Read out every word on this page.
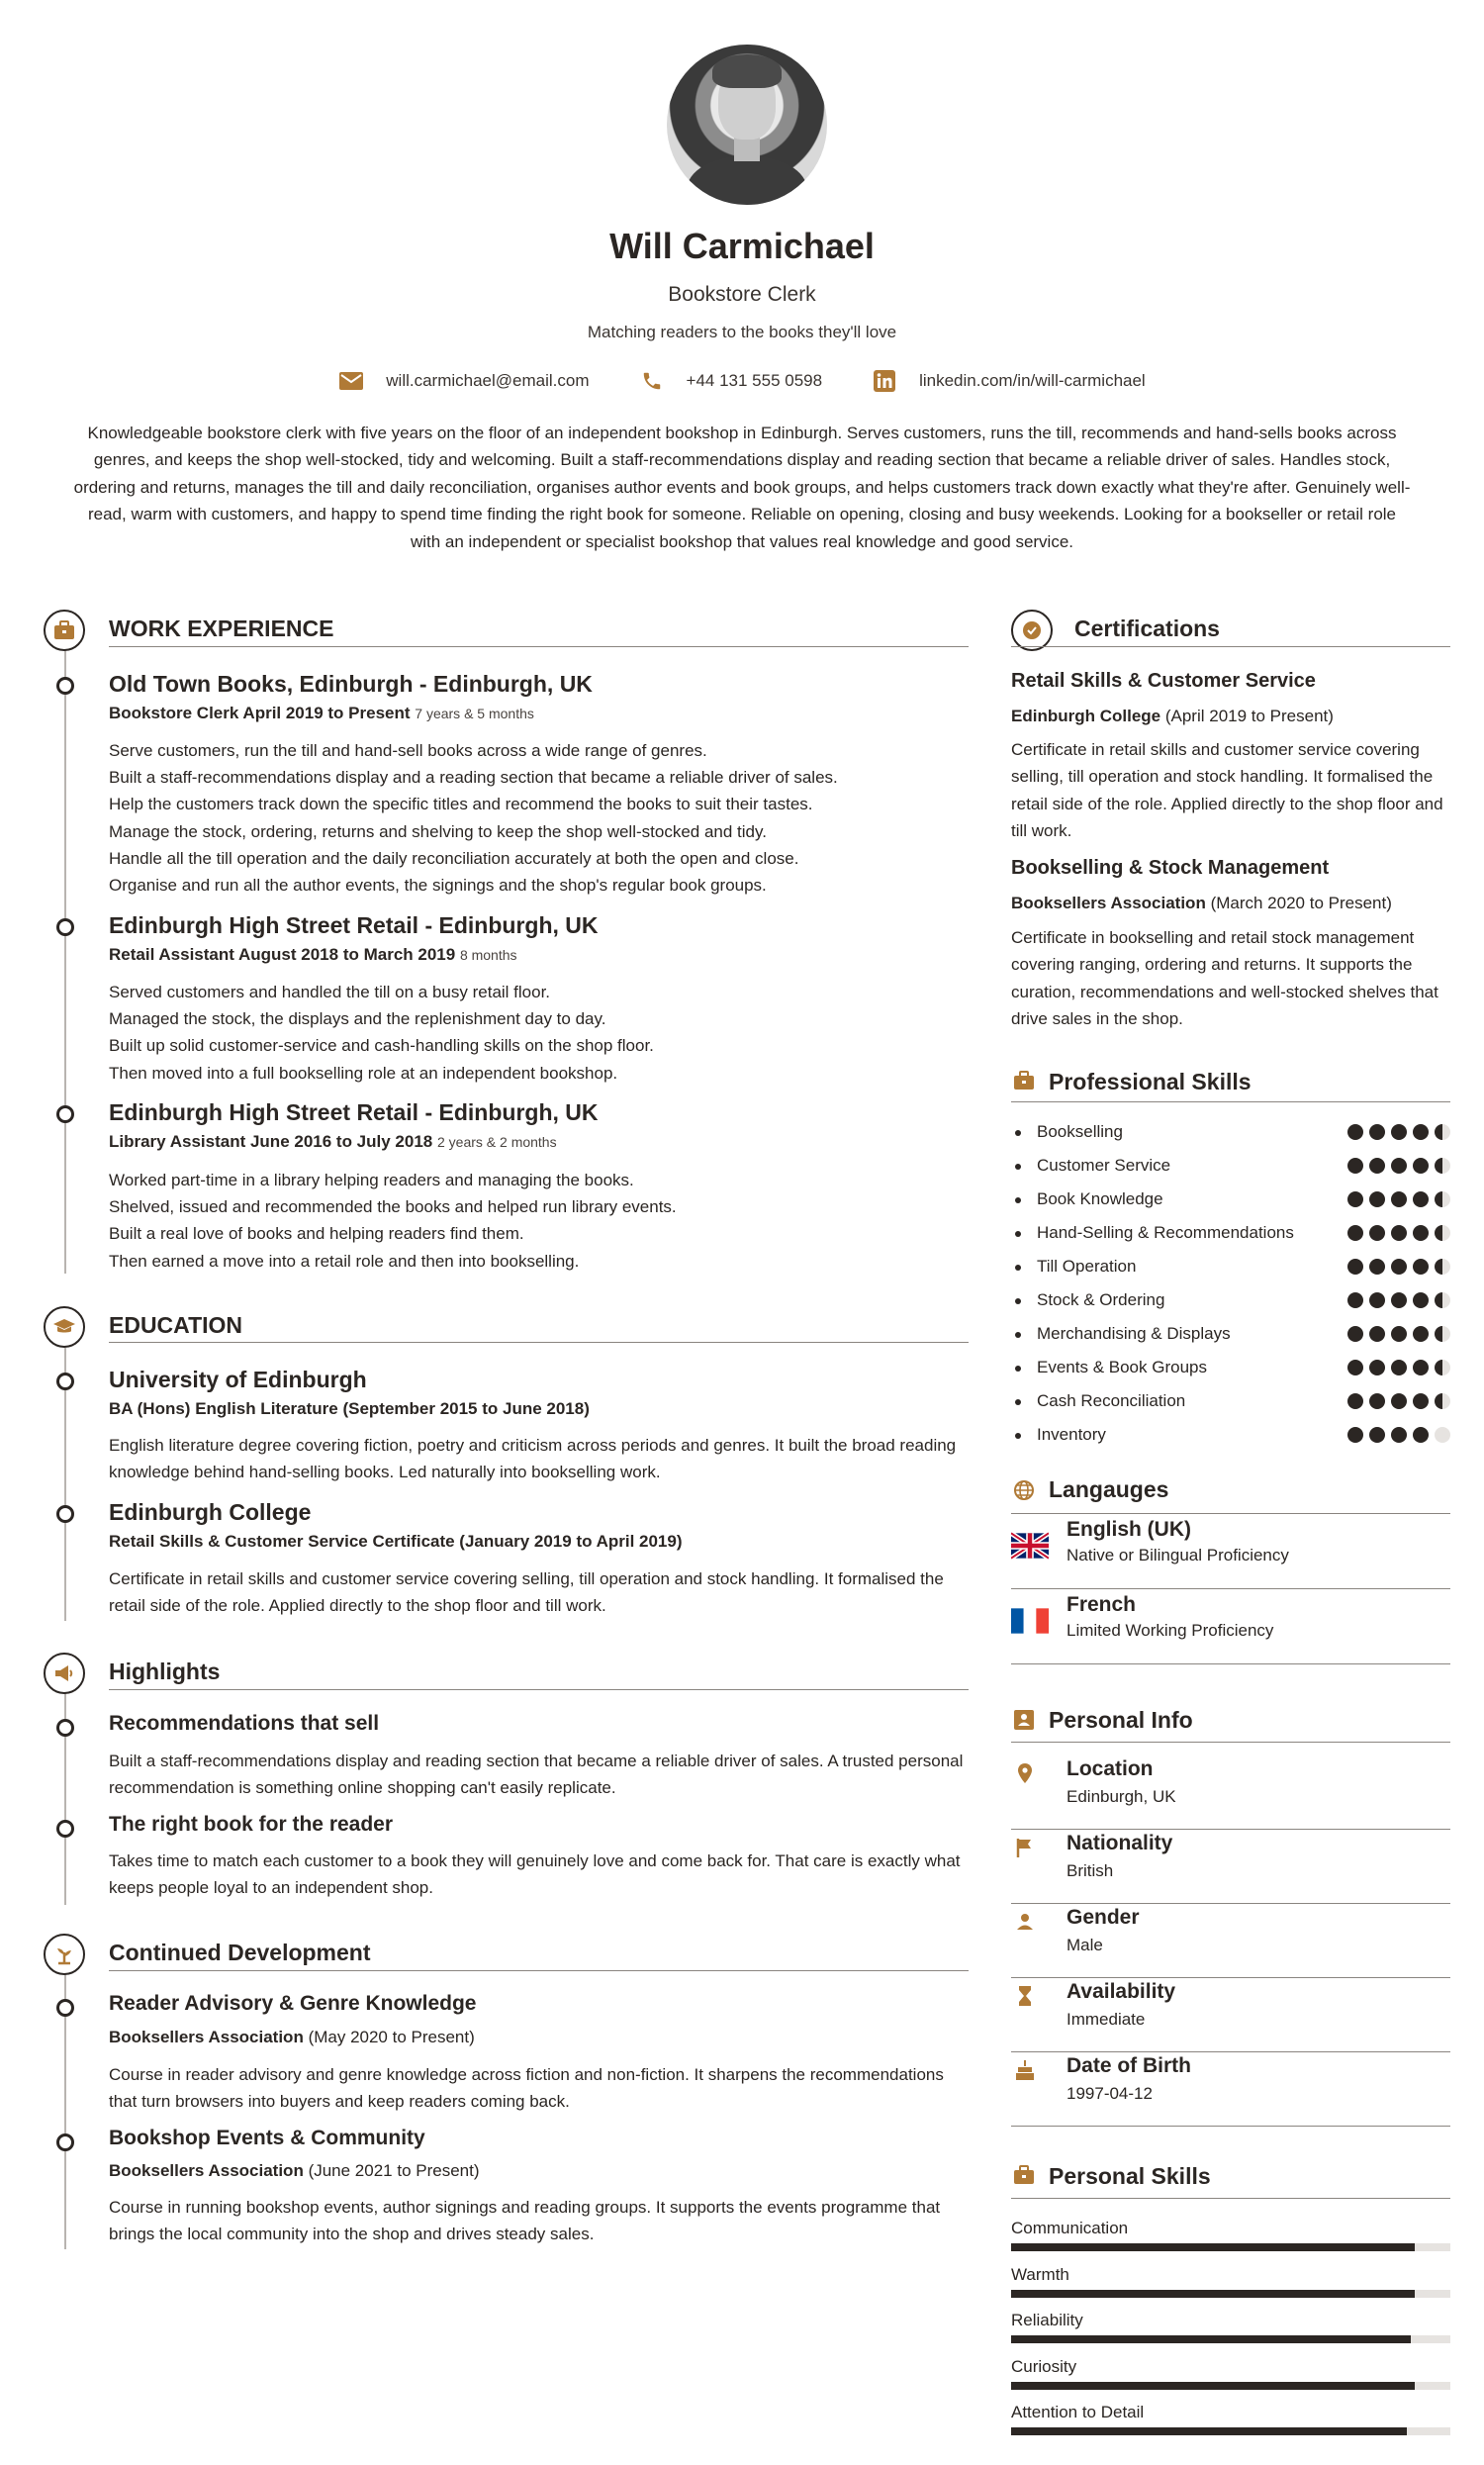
Will Carmichael
Bookstore Clerk
Matching readers to the books they'll love
will.carmichael@email.com	+44 131 555 0598	linkedin.com/in/will-carmichael
Knowledgeable bookstore clerk with five years on the floor of an independent bookshop in Edinburgh. Serves customers, runs the till, recommends and hand-sells books across genres, and keeps the shop well-stocked, tidy and welcoming. Built a staff-recommendations display and reading section that became a reliable driver of sales. Handles stock, ordering and returns, manages the till and daily reconciliation, organises author events and book groups, and helps customers track down exactly what they're after. Genuinely well-read, warm with customers, and happy to spend time finding the right book for someone. Reliable on opening, closing and busy weekends. Looking for a bookseller or retail role with an independent or specialist bookshop that values real knowledge and good service.
WORK EXPERIENCE
Old Town Books, Edinburgh - Edinburgh, UK
Bookstore Clerk April 2019 to Present 7 years & 5 months
Serve customers, run the till and hand-sell books across a wide range of genres.
Built a staff-recommendations display and a reading section that became a reliable driver of sales.
Help the customers track down the specific titles and recommend the books to suit their tastes.
Manage the stock, ordering, returns and shelving to keep the shop well-stocked and tidy.
Handle all the till operation and the daily reconciliation accurately at both the open and close.
Organise and run all the author events, the signings and the shop's regular book groups.
Edinburgh High Street Retail - Edinburgh, UK
Retail Assistant August 2018 to March 2019 8 months
Served customers and handled the till on a busy retail floor.
Managed the stock, the displays and the replenishment day to day.
Built up solid customer-service and cash-handling skills on the shop floor.
Then moved into a full bookselling role at an independent bookshop.
Edinburgh High Street Retail - Edinburgh, UK
Library Assistant June 2016 to July 2018 2 years & 2 months
Worked part-time in a library helping readers and managing the books.
Shelved, issued and recommended the books and helped run library events.
Built a real love of books and helping readers find them.
Then earned a move into a retail role and then into bookselling.
EDUCATION
University of Edinburgh
BA (Hons) English Literature (September 2015 to June 2018)
English literature degree covering fiction, poetry and criticism across periods and genres. It built the broad reading knowledge behind hand-selling books. Led naturally into bookselling work.
Edinburgh College
Retail Skills & Customer Service Certificate (January 2019 to April 2019)
Certificate in retail skills and customer service covering selling, till operation and stock handling. It formalised the retail side of the role. Applied directly to the shop floor and till work.
Highlights
Recommendations that sell
Built a staff-recommendations display and reading section that became a reliable driver of sales. A trusted personal recommendation is something online shopping can't easily replicate.
The right book for the reader
Takes time to match each customer to a book they will genuinely love and come back for. That care is exactly what keeps people loyal to an independent shop.
Continued Development
Reader Advisory & Genre Knowledge
Booksellers Association (May 2020 to Present)
Course in reader advisory and genre knowledge across fiction and non-fiction. It sharpens the recommendations that turn browsers into buyers and keep readers coming back.
Bookshop Events & Community
Booksellers Association (June 2021 to Present)
Course in running bookshop events, author signings and reading groups. It supports the events programme that brings the local community into the shop and drives steady sales.
Certifications
Retail Skills & Customer Service
Edinburgh College (April 2019 to Present)
Certificate in retail skills and customer service covering selling, till operation and stock handling. It formalised the retail side of the role. Applied directly to the shop floor and till work.
Bookselling & Stock Management
Booksellers Association (March 2020 to Present)
Certificate in bookselling and retail stock management covering ranging, ordering and returns. It supports the curation, recommendations and well-stocked shelves that drive sales in the shop.
Professional Skills
Bookselling
Customer Service
Book Knowledge
Hand-Selling & Recommendations
Till Operation
Stock & Ordering
Merchandising & Displays
Events & Book Groups
Cash Reconciliation
Inventory
Langauges
English (UK)
Native or Bilingual Proficiency
French
Limited Working Proficiency
Personal Info
Location
Edinburgh, UK
Nationality
British
Gender
Male
Availability
Immediate
Date of Birth
1997-04-12
Personal Skills
Communication
Warmth
Reliability
Curiosity
Attention to Detail
